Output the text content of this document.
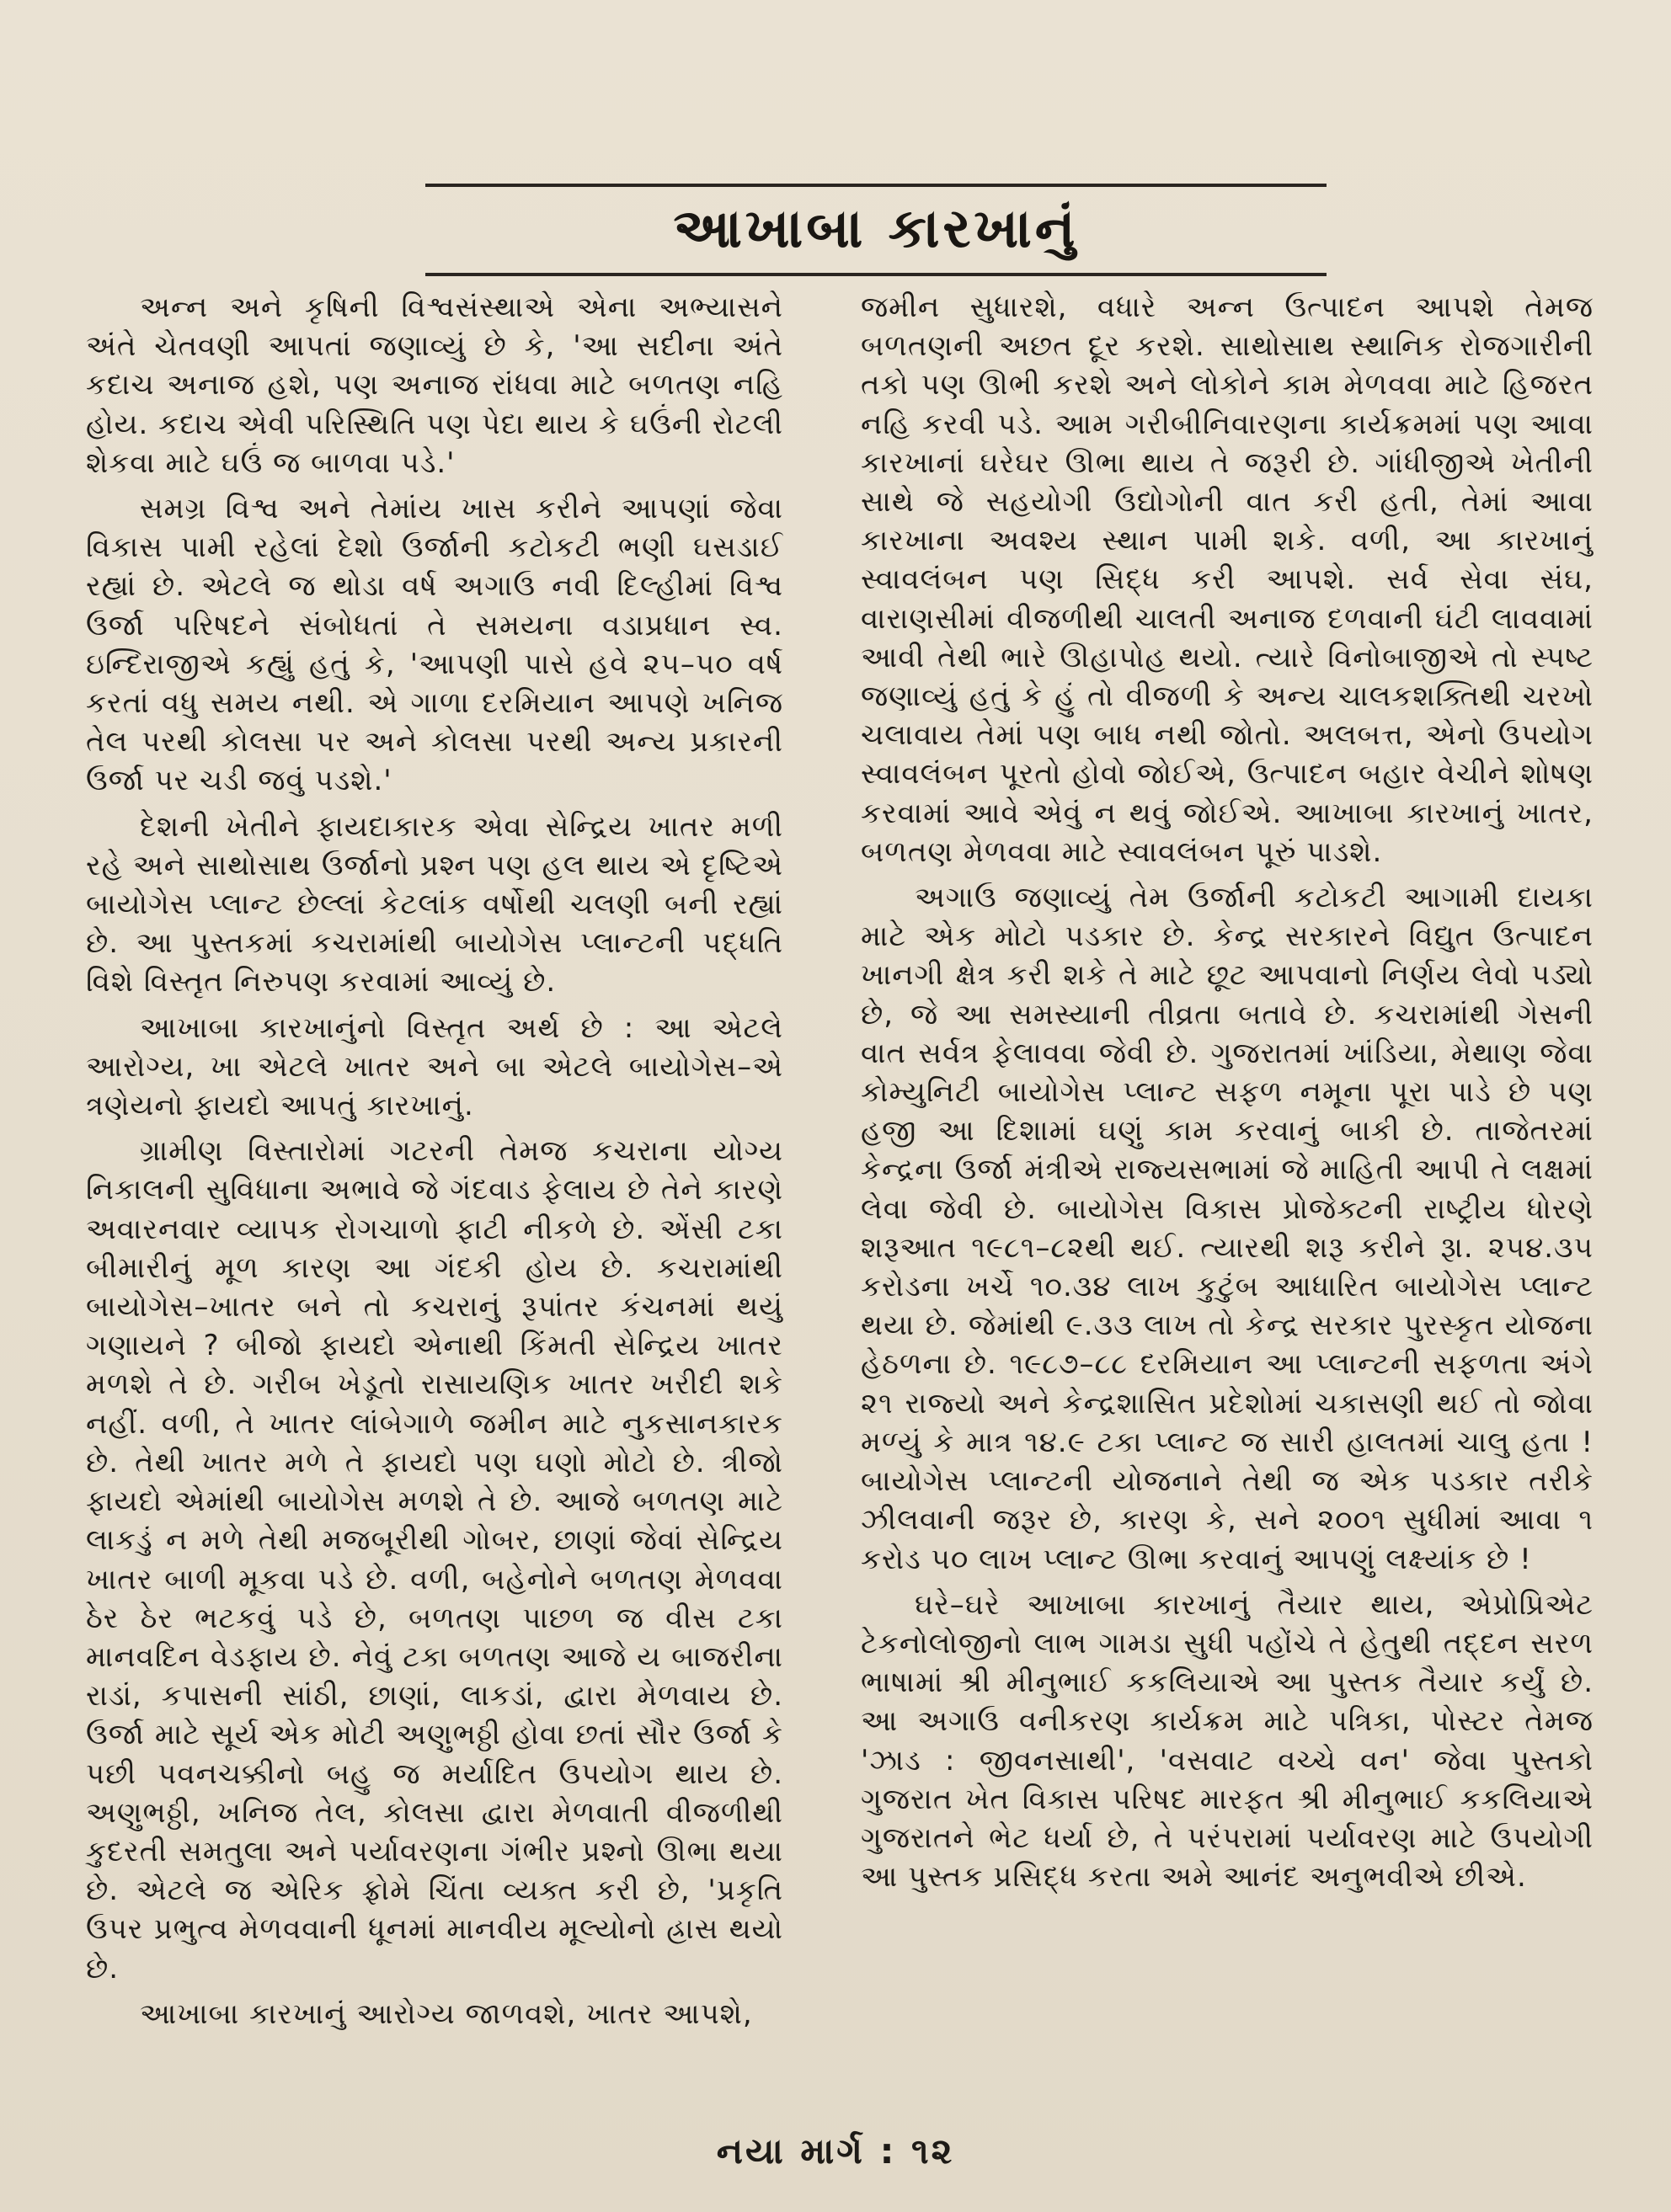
આખાબા કારખાનું

અન્ન અને કૃષિની વિશ્વસંસ્થાએ એના અભ્યાસને અંતે ચેતવણી આપતાં જણાવ્યું છે કે, 'આ સદીના અંતે કદાચ અનાજ હશે, પણ અનાજ રાંધવા માટે બળતણ નહિ હોય. કદાચ એવી પરિસ્થિતિ પણ પેદા થાય કે ઘઉંની રોટલી શેકવા માટે ઘઉં જ બાળવા પડે.'

સમગ્ર વિશ્વ અને તેમાંય ખાસ કરીને આપણાં જેવા વિકાસ પામી રહેલાં દેશો ઉર્જાની કટોકટી ભણી ઘસડાઈ રહ્યાં છે. એટલે જ થોડા વર્ષ અગાઉ નવી દિલ્હીમાં વિશ્વ ઉર્જા પરિષદને સંબોધતાં તે સમયના વડાપ્રધાન સ્વ. ઇન્દિરાજીએ કહ્યું હતું કે, 'આપણી પાસે હવે ૨૫–૫૦ વર્ષ કરતાં વધુ સમય નથી. એ ગાળા દરમિયાન આપણે ખનિજ તેલ પરથી કોલસા પર અને કોલસા પરથી અન્ય પ્રકારની ઉર્જા પર ચડી જવું પડશે.'

દેશની ખેતીને ફાયદાકારક એવા સેન્દ્રિય ખાતર મળી રહે અને સાથોસાથ ઉર્જાનો પ્રશ્ન પણ હલ થાય એ દૃષ્ટિએ બાયોગેસ પ્લાન્ટ છેલ્લાં કેટલાંક વર્ષોથી ચલણી બની રહ્યાં છે. આ પુસ્તકમાં કચરામાંથી બાયોગેસ પ્લાન્ટની પદ્ધતિ વિશે વિસ્તૃત નિરુપણ કરવામાં આવ્યું છે.

આખાબા કારખાનુંનો વિસ્તૃત અર્થ છે : આ એટલે આરોગ્ય, ખા એટલે ખાતર અને બા એટલે બાયોગેસ–એ ત્રણેયનો ફાયદો આપતું કારખાનું.

ગ્રામીણ વિસ્તારોમાં ગટરની તેમજ કચરાના યોગ્ય નિકાલની સુવિધાના અભાવે જે ગંદવાડ ફેલાય છે તેને કારણે અવારનવાર વ્યાપક રોગચાળો ફાટી નીકળે છે. એંસી ટકા બીમારીનું મૂળ કારણ આ ગંદકી હોય છે. કચરામાંથી બાયોગેસ–ખાતર બને તો કચરાનું રૂપાંતર કંચનમાં થયું ગણાયને ? બીજો ફાયદો એનાથી કિંમતી સેન્દ્રિય ખાતર મળશે તે છે. ગરીબ ખેડૂતો રાસાયણિક ખાતર ખરીદી શકે નહીં. વળી, તે ખાતર લાંબેગાળે જમીન માટે નુકસાનકારક છે. તેથી ખાતર મળે તે ફાયદો પણ ઘણો મોટો છે. ત્રીજો ફાયદો એમાંથી બાયોગેસ મળશે તે છે. આજે બળતણ માટે લાકડું ન મળે તેથી મજબૂરીથી ગોબર, છાણાં જેવાં સેન્દ્રિય ખાતર બાળી મૂકવા પડે છે. વળી, બહેનોને બળતણ મેળવવા ઠેર ઠેર ભટકવું પડે છે, બળતણ પાછળ જ વીસ ટકા માનવદિન વેડફાય છે. નેવું ટકા બળતણ આજે ય બાજરીના રાડાં, કપાસની સાંઠી, છાણાં, લાકડાં, દ્વારા મેળવાય છે. ઉર્જા માટે સૂર્ય એક મોટી અણુભઠ્ઠી હોવા છતાં સૌર ઉર્જા કે પછી પવનચક્કીનો બહુ જ મર્યાદિત ઉપયોગ થાય છે. અણુભઠ્ઠી, ખનિજ તેલ, કોલસા દ્વારા મેળવાતી વીજળીથી કુદરતી સમતુલા અને પર્યાવરણના ગંભીર પ્રશ્નો ઊભા થયા છે. એટલે જ એરિક ફ્રોમે ચિંતા વ્યક્ત કરી છે, 'પ્રકૃતિ ઉપર પ્રભુત્વ મેળવવાની ધૂનમાં માનવીય મૂલ્યોનો હ્રાસ થયો છે.

આખાબા કારખાનું આરોગ્ય જાળવશે, ખાતર આપશે,

જમીન સુધારશે, વધારે અન્ન ઉત્પાદન આપશે તેમજ બળતણની અછત દૂર કરશે. સાથોસાથ સ્થાનિક રોજગારીની તકો પણ ઊભી કરશે અને લોકોને કામ મેળવવા માટે હિજરત નહિ કરવી પડે. આમ ગરીબીનિવારણના કાર્યક્રમમાં પણ આવા કારખાનાં ઘરેઘર ઊભા થાય તે જરૂરી છે. ગાંધીજીએ ખેતીની સાથે જે સહયોગી ઉદ્યોગોની વાત કરી હતી, તેમાં આવા કારખાના અવશ્ય સ્થાન પામી શકે. વળી, આ કારખાનું સ્વાવલંબન પણ સિદ્ધ કરી આપશે. સર્વ સેવા સંઘ, વારાણસીમાં વીજળીથી ચાલતી અનાજ દળવાની ઘંટી લાવવામાં આવી તેથી ભારે ઊહાપોહ થયો. ત્યારે વિનોબાજીએ તો સ્પષ્ટ જણાવ્યું હતું કે હું તો વીજળી કે અન્ય ચાલકશક્તિથી ચરખો ચલાવાય તેમાં પણ બાધ નથી જોતો. અલબત્ત, એનો ઉપયોગ સ્વાવલંબન પૂરતો હોવો જોઈએ, ઉત્પાદન બહાર વેચીને શોષણ કરવામાં આવે એવું ન થવું જોઈએ. આખાબા કારખાનું ખાતર, બળતણ મેળવવા માટે સ્વાવલંબન પૂરું પાડશે.

અગાઉ જણાવ્યું તેમ ઉર્જાની કટોકટી આગામી દાયકા માટે એક મોટો પડકાર છે. કેન્દ્ર સરકારને વિદ્યુત ઉત્પાદન ખાનગી ક્ષેત્ર કરી શકે તે માટે છૂટ આપવાનો નિર્ણય લેવો પડ્યો છે, જે આ સમસ્યાની તીવ્રતા બતાવે છે. કચરામાંથી ગેસની વાત સર્વત્ર ફેલાવવા જેવી છે. ગુજરાતમાં ખાંડિયા, મેથાણ જેવા કોમ્યુનિટી બાયોગેસ પ્લાન્ટ સફળ નમૂના પૂરા પાડે છે પણ હજી આ દિશામાં ઘણું કામ કરવાનું બાકી છે. તાજેતરમાં કેન્દ્રના ઉર્જા મંત્રીએ રાજ્યસભામાં જે માહિતી આપી તે લક્ષમાં લેવા જેવી છે. બાયોગેસ વિકાસ પ્રોજેક્ટની રાષ્ટ્રીય ધોરણે શરૂઆત ૧૯૮૧–૮૨થી થઈ. ત્યારથી શરૂ કરીને રૂા. ૨૫૪.૩૫ કરોડના ખર્ચે ૧૦.૩૪ લાખ કુટુંબ આધારિત બાયોગેસ પ્લાન્ટ થયા છે. જેમાંથી ૯.૩૩ લાખ તો કેન્દ્ર સરકાર પુરસ્કૃત યોજના હેઠળના છે. ૧૯૮૭–૮૮ દરમિયાન આ પ્લાન્ટની સફળતા અંગે ૨૧ રાજ્યો અને કેન્દ્રશાસિત પ્રદેશોમાં ચકાસણી થઈ તો જોવા મળ્યું કે માત્ર ૧૪.૯ ટકા પ્લાન્ટ જ સારી હાલતમાં ચાલુ હતા ! બાયોગેસ પ્લાન્ટની યોજનાને તેથી જ એક પડકાર તરીકે ઝીલવાની જરૂર છે, કારણ કે, સને ૨૦૦૧ સુધીમાં આવા ૧ કરોડ ૫૦ લાખ પ્લાન્ટ ઊભા કરવાનું આપણું લક્ષ્યાંક છે !

ઘરે–ઘરે આખાબા કારખાનું તૈયાર થાય, એપ્રોપ્રિએટ ટેકનોલોજીનો લાભ ગામડા સુધી પહોંચે તે હેતુથી તદ્દન સરળ ભાષામાં શ્રી મીનુભાઈ કકલિયાએ આ પુસ્તક તૈયાર કર્યું છે. આ અગાઉ વનીકરણ કાર્યક્રમ માટે પત્રિકા, પોસ્ટર તેમજ 'ઝાડ : જીવનસાથી', 'વસવાટ વચ્ચે વન' જેવા પુસ્તકો ગુજરાત ખેત વિકાસ પરિષદ મારફત શ્રી મીનુભાઈ કકલિયાએ ગુજરાતને ભેટ ધર્યા છે, તે પરંપરામાં પર્યાવરણ માટે ઉપયોગી આ પુસ્તક પ્રસિદ્ધ કરતા અમે આનંદ અનુભવીએ છીએ.

નયા માર્ગ : ૧૨
